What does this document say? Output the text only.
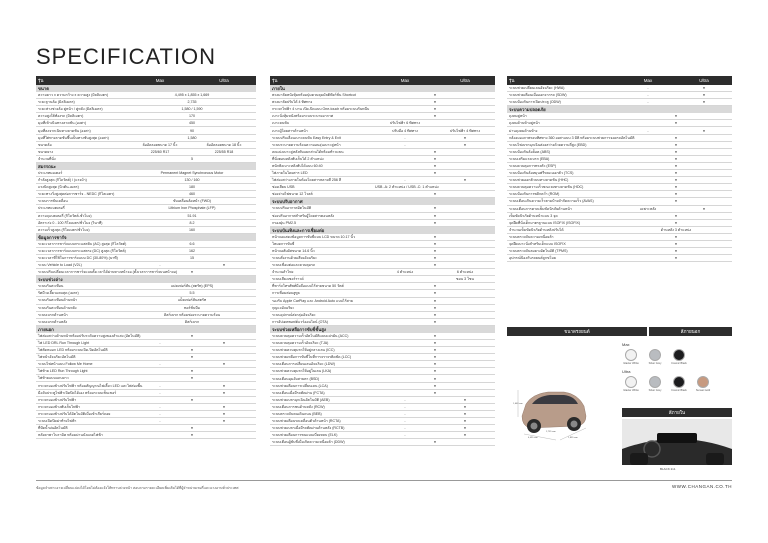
SPECIFICATION
รุ่น	Max	Ultra
ขนาด
ความยาว x ความกว้าง x ความสูง (มิลลิเมตร)	4,495 x 1,855 x 1,669
ระยะฐานล้อ (มิลลิเมตร)	2,735
ระยะห่างช่วงล้อ คู่หน้า / คู่หลัง (มิลลิเมตร)	1,580 / 1,590
ความสูงใต้ท้องรถ (มิลลิเมตร)	170
มุมที่เข้าเนินทางลาดชัน (องศา)	450
มุมที่ลงจากเนินทางลาดชัน (องศา)	90
มุมที่ไต่ทางลาดชันขึ้นเป็นทางชันสูงสุด (องศา)	1,580
ขนาดล้อ	ล้ออัลลอยขนาด 17 นิ้ว	ล้ออัลลอยขนาด 18 นิ้ว
ขนาดยาง	225/60 R17	225/55 R18
จำนวนที่นั่ง	5
สมรรถนะ
ประเภทมอเตอร์	Permanent Magnet Synchronous Motor
กำลังสูงสุด (กิโลวัตต์) / (แรงม้า)	130 / 160
แรงบิดสูงสุด (นิวตัน-เมตร)	180
ระยะทางวิ่งสูงสุดต่อการชาร์จ - NEDC (กิโลเมตร)	460
ระบบการขับเคลื่อน	ขับเคลื่อนล้อหน้า (FWD)
ประเภทแบตเตอรี่	Lithium Iron Phosphate (LFP)
ความจุแบตเตอรี่ (กิโลวัตต์-ชั่วโมง)	51.91
อัตราเร่ง 0 - 100 กิโลเมตร/ชั่วโมง (วินาที)	8.2
ความเร็วสูงสุด (กิโลเมตร/ชั่วโมง)	160
ข้อมูลการชาร์จ
ระยะเวลาการชาร์จแบบกระแสสลับ (AC) สูงสุด (กิโลวัตต์)	6.6
ระยะเวลาการชาร์จแบบกระแสตรง (DC) สูงสุด (กิโลวัตต์)	162
ระยะเวลาที่ใช้ในการชาร์จแบบ DC (30-80%) (นาที)	15
ระบบ Vehicle to Load (V2L)	-	●
ระบบปรับเปลี่ยนเวลาการชาร์จแบบตั้งเวลาได้ผ่านทางหน้าจอ (ตั้งเวลาการชาร์จบนหน้าจอ)	●
ระบบช่วงล่าง
ระบบกันสะเทือน	แม่คเฟอร์สัน (สตรัท) (EPS)
รัศมีวงเลี้ยวแคบสุด (เมตร)	5.5
ระบบกันสะเทือนด้านหน้า	แม็คเฟอร์สันสตรัท
ระบบกันสะเทือนด้านหลัง	ทอร์ชั่นบีม
ระบบเบรกด้านหน้า	ดิสก์เบรก พร้อมช่องระบายความร้อน
ระบบเบรกด้านหลัง	ดิสก์เบรก
ภายนอก
ไฟส่องสว่างด้านหน้าพร้อมปรับระดับความสูงของลำแสง (อัตโนมัติ)	●
ไฟ LED DRL Run Through Light	-	●
ไฟตัดหมอก LED พร้อมระบบเปิด-ปิดอัตโนมัติ	●
ไฟหน้าอัจฉริยะอัตโนมัติ	●
ระบบไฟหน้าแบบ Follow Me Home	-	●
ไฟท้าย LED Run Through Light	●
ไฟท้ายแบบแถบยาว	●
กระจกมองข้างปรับไฟฟ้า พร้อมสัญญาณไฟเลี้ยว LED และไฟส่องพื้น	-	●
มือจับประตูไฟฟ้าเปิดปิดได้เอง พร้อมระบบเซ็นเซอร์	-	●
กระจกมองข้างปรับไฟฟ้า	●
กระจกมองข้างพับเก็บไฟฟ้า	-	●
กระจกมองข้างปรับได้อัตโนมัติเมื่อเข้าเกียร์ถอย	-	●
ระบบเปิดปิดฝาท้ายไฟฟ้า	-	●
ที่ปัดน้ำฝนอัตโนมัติ	●
หลังคาพาโนรามิค พร้อมม่านบังแดดไฟฟ้า	●
รุ่น	Max	Ultra
ภายใน
พวงมาลัยหนังหุ้มพร้อมปุ่มควบคุมมัลติฟังก์ชั่น Shortcut	●
พวงมาลัยปรับได้ 4 ทิศทาง	●
กระจกไฟฟ้า 4 บาน เปิด-ปิดแบบ One-touch พร้อมระบบกันหนีบ	●
เบาะนั่งหุ้มหนังพร้อมระบบระบายอากาศ	●
เบาะคนขับ	ปรับไฟฟ้า 6 ทิศทาง
เบาะผู้โดยสารด้านหน้า	ปรับมือ 4 ทิศทาง	ปรับไฟฟ้า 4 ทิศทาง
ระบบปรับเลื่อนเบาะคนขับ Easy Entry & Exit	-	●
ระบบระบายความร้อนความอบอุ่นเบาะคู่หน้า	-	●
ลดแบ่งเบาะคู่หลังพับแยกส่วนได้พร้อมท้าวแขน	●
ที่นั่งตอนหลังพับเก็บได้ 2 ตำแหน่ง	●
พนักพิงเบาะหลังพับได้แบบ 60:40	●
ไฟภายในโดยสาร LED	●
ไฟส่องสว่างภายในห้องโดยสารหลายสี 256 สี	-	●
ช่องเสียบ USB	USB -A: 2 ตำแหน่ง / USB -C: 1 ตำแหน่ง
ช่องจ่ายไฟขนาด 12 โวลต์	●
ระบบปรับอากาศ
ระบบปรับอากาศอัตโนมัติ	●
ช่องปรับอากาศสำหรับผู้โดยสารตอนหลัง	●
กรองฝุ่น PM2.5	●
ระบบบันเทิงและการเชื่อมต่อ
หน้าจอแสดงข้อมูลการขับขี่แบบ LCD ขนาด 10.17 นิ้ว	●
โหมดการขับขี่	●
หน้าจอสัมผัสขนาด 14.6 นิ้ว	●
ระบบสั่งงานด้วยเสียงอัจฉริยะ	●
ระบบเชื่อมต่อและควบคุมรถ	●
จำนวนลำโพง	4 ตำแหน่ง	6 ตำแหน่ง
ระบบเสียงเซอร์ราวด์	ซอน 3 โซน
ที่ชาร์จโทรศัพท์มือถือแบบไร้สายขนาด 50 วัตต์	●
การเชื่อมต่อบลูทูธ	●
รองรับ Apple CarPlay และ Android Auto แบบไร้สาย	●
กุญแจอัจฉริยะ	●
ระบบอุปกรณ์ส่งกลุ่มอัจฉริยะ	●
การอัปเดตซอฟต์แวร์ออนไลน์ (OTA)	●
ระบบช่วยเหลือการขับขี่ขั้นสูง
ระบบควบคุมความเร็วอัตโนมัติแบบแปรผัน (ACC)	●
ระบบควบคุมความเร็วอัจฉริยะ (TJA)	●
ระบบช่วยควบคุมรถให้อยู่กลางเลน (ICC)	●
ระบบช่วยเหลือการขับขี่ในที่การจราจรติดขัด (LCC)	●
ระบบเตือนการเปลี่ยนเลนอัจฉริยะ (LDW)	●
ระบบช่วยควบคุมรถให้อยู่ในเลน (LKA)	●
ระบบเตือนมุมอับสายตา (BSD)	●
ระบบช่วยเตือนการเปลี่ยนเลน (LCA)	●
ระบบเตือนเมื่อมีรถตัดผ่าน (FCTA)	●
ระบบช่วยเบรกฉุกเฉินอัตโนมัติ (AEB)	-	●
ระบบเตือนการชนด้านหลัง (RCW)	-	●
ระบบตรวจจับคนเดินถนน (BEB)	-	●
ระบบช่วยเตือนรถเคลื่อนตัวด้านหน้า (RCTA)	-	●
ระบบช่วยเบรกเมื่อมีรถตัดผ่านด้านหลัง (RCTB)	-	●
ระบบช่วยเตือนการชนแบบเบี่ยงหลบ (ELK)	-	●
ระบบเตือนผู้ขับขี่เมื่อเกิดความเหนื่อยล้า (DDW)	●
รุ่น	Max	Ultra
ระบบช่วยเปลี่ยนเลนอัจฉริยะ (HWA)	-	●
ระบบช่วยเตือนเมื่อออกจากรถ (SDW)	-	●
ระบบป้องกันการเปิดประตู (ODW)	-	●
ระบบความปลอดภัย
ถุงลมคู่หน้า	●
ถุงลมด้านข้างคู่หน้า	●
ม่านถุงลมด้านข้าง	-	●
กล้องมองภาพรอบทิศทาง 360 องศาแบบ 3 มิติ พร้อมระบบช่วยการจอดรถอัตโนมัติ	●
ระบบไฟเบรกฉุกเฉินส่องสว่างด้วยความถี่สูง (EBD)	●
ระบบป้องกันล้อล็อค (ABS)	●
ระบบเสริมแรงเบรก (EBA)	●
ระบบควบคุมการทรงตัว (ESP)	●
ระบบป้องกันล้อหมุนฟรีขณะออกตัว (TCS)	●
ระบบช่วยออกตัวบนทางลาดชัน (HHC)	●
ระบบควบคุมความเร็วขณะลงทางลาดชัน (HDC)	●
ระบบป้องกันการพลิกคว่ำ (ROM)	●
ระบบเตือนเกินความเร็วตามป้ายจำกัดความเร็ว (AVAS)	●
ระบบเตือนการคาดเข็มขัดนิรภัยด้านหน้า	เฉพาะหลัง	●
เข็มขัดนิรภัยด้านหน้าแบบ 3 จุด	●
จุดยึดที่นั่งเด็กมาตรฐานแบบ ISOFIX (ISOFIX)	●
จำนวนเข็มขัดนิรภัยด้านหลังปรับได้	ด้านหลัง 3 ตำแหน่ง
ระบบตรวจจับความเหนื่อยล้า	●
จุดยึดเบาะนั่งสำหรับเด็กแบบ ISOFIX	●
ระบบตรวจจับลมยางอัตโนมัติ (TPMS)	●
อุปกรณ์ป้องกันรถยนต์ถูกขโมย	●
ขนาดรถยนต์	สีภายนอก
1,669 mm
4,495 mm	1,855 mm
2,735 mm
Max
Glacier White	Silver Grey	Cosmic Black
Ultra
Glacier White	Silver Grey	Cosmic Black	Sunset Gold
สีภายใน
BLACK 2x1
ข้อมูลจำเพาะอาจเปลี่ยนแปลงได้โดยไม่ต้องแจ้งให้ทราบล่วงหน้า สอบถามรายละเอียดเพิ่มเติมได้ที่ผู้จำหน่ายเชอรี่และฉางอานทั่วประเทศ	WWW.CHANGAN.CO.TH
